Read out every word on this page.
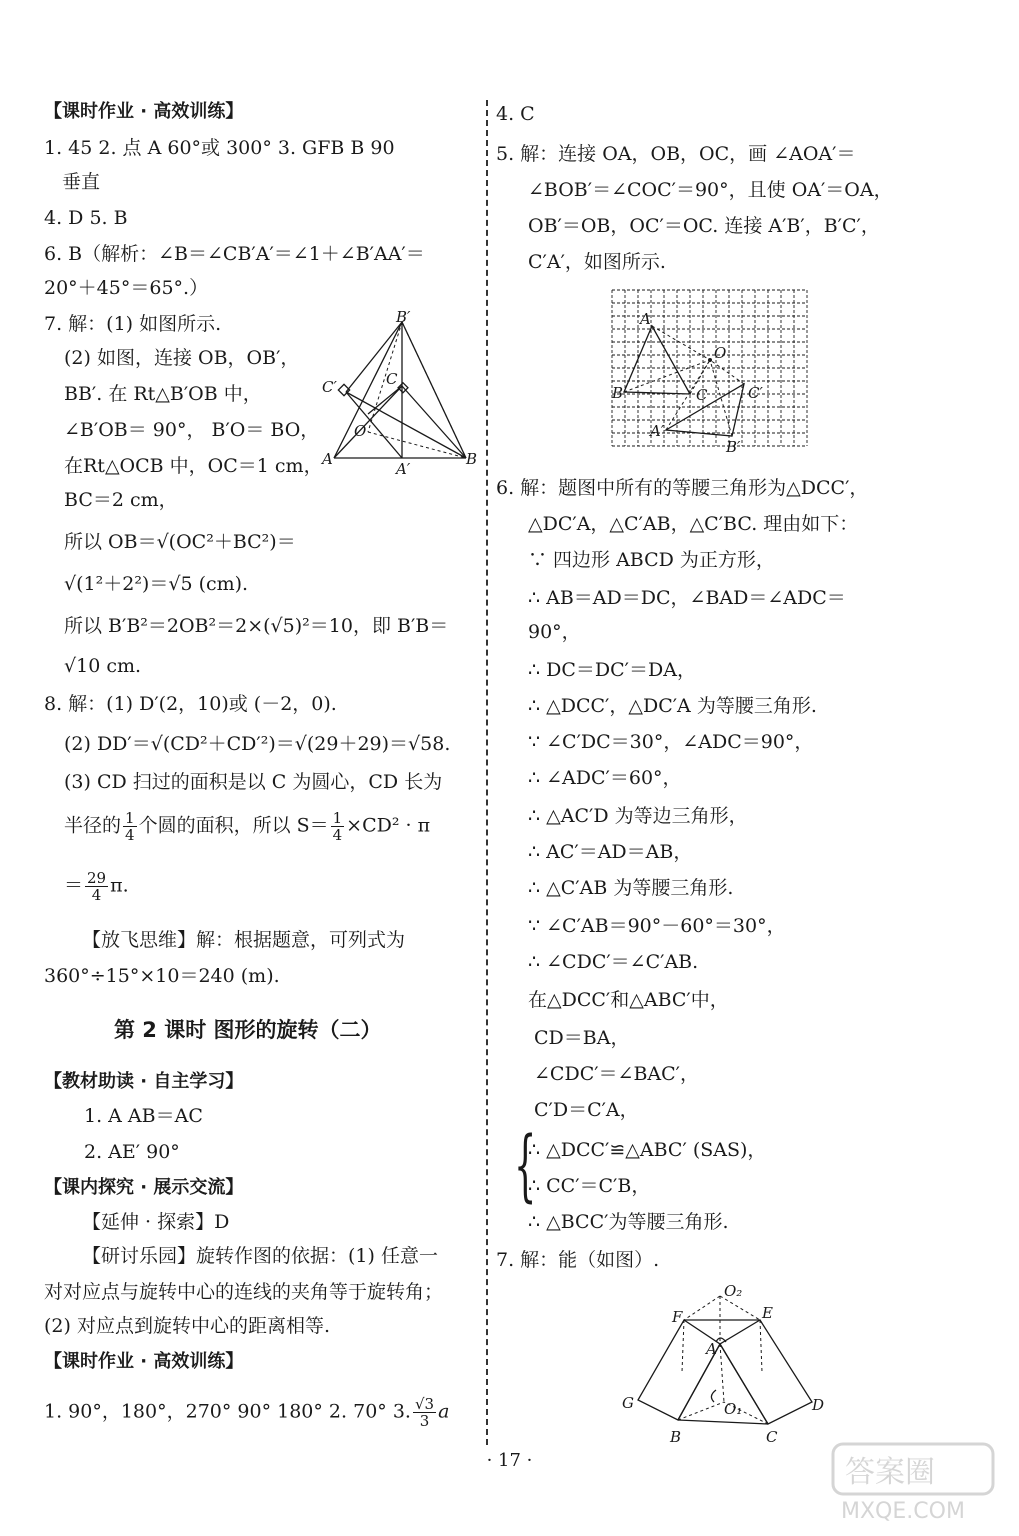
【课时作业 · 高效训练】
1. 45 2. 点 A 60°或 300° 3. GFB B 90
垂直
4. D 5. B
6. B（解析：∠B＝∠CB′A′＝∠1＋∠B′AA′＝
20°＋45°＝65°.）
7. 解：(1) 如图所示.
(2) 如图，连接 OB，OB′，
BB′. 在 Rt△B′OB 中，
∠B′OB＝ 90°， B′O＝ BO，
在Rt△OCB 中，OC＝1 cm，
BC＝2 cm，
所以 OB＝√(OC²＋BC²)＝
√(1²＋2²)＝√5 (cm).
所以 B′B²＝2OB²＝2×(√5)²＝10，即 B′B＝
√10 cm.
8. 解：(1) D′(2，10)或 (－2，0).
(2) DD′＝√(CD²＋CD′²)＝√(29＋29)＝√58.
(3) CD 扫过的面积是以 C 为圆心，CD 长为
半径的 $\frac{1}{4}$ 个圆的面积，所以 $S= \frac{1}{4} \times CD^2 \cdot \pi$
＝ $\frac{29}{4} \pi$.
【放飞思维】解：根据题意，可列式为
360°÷15°×10＝240 (m).
第 2 课时 图形的旋转（二）
【教材助读 · 自主学习】
1. A AB＝AC
2. AE′ 90°
【课内探究 · 展示交流】
【延伸 · 探索】D
【研讨乐园】旋转作图的依据：(1) 任意一
对对应点与旋转中心的连线的夹角等于旋转角；
(2) 对应点到旋转中心的距离相等.
【课时作业 · 高效训练】
1. 90°，180°，270° 90° 180° 2. 70° 3. $\frac{√3}{3}$ a
B′
C′	C
O
A
A′
B
4. C
5. 解：连接 OA，OB，OC，画 ∠AOA′＝
∠BOB′＝∠COC′＝90°，且使 OA′＝OA，
OB′＝OB，OC′＝OC. 连接 A′B′，B′C′，
C′A′，如图所示.
A
O
B	C	C′
A′
B′
6. 解：题图中所有的等腰三角形为△DCC′，
△DC′A，△C′AB，△C′BC. 理由如下：
∵ 四边形 ABCD 为正方形，
∴ AB＝AD＝DC，∠BAD＝∠ADC＝
90°，
∴ DC＝DC′＝DA，
∴ △DCC′，△DC′A 为等腰三角形.
∵ ∠C′DC＝30°，∠ADC＝90°，
∴ ∠ADC′＝60°，
∴ △AC′D 为等边三角形，
∴ AC′＝AD＝AB，
∴ △C′AB 为等腰三角形.
∵ ∠C′AB＝90°－60°＝30°，
∴ ∠CDC′＝∠C′AB.
在△DCC′和△ABC′中，
{
CD＝BA，
∠CDC′＝∠BAC′，
C′D＝C′A，
∴ △DCC′≌△ABC′ (SAS)，
∴ CC′＝C′B，
∴ △BCC′为等腰三角形.
7. 解：能（如图）.
O₂
F	E
A
G	O₁	D
B	C
· 17 ·	答案圈
MXQE.COM
